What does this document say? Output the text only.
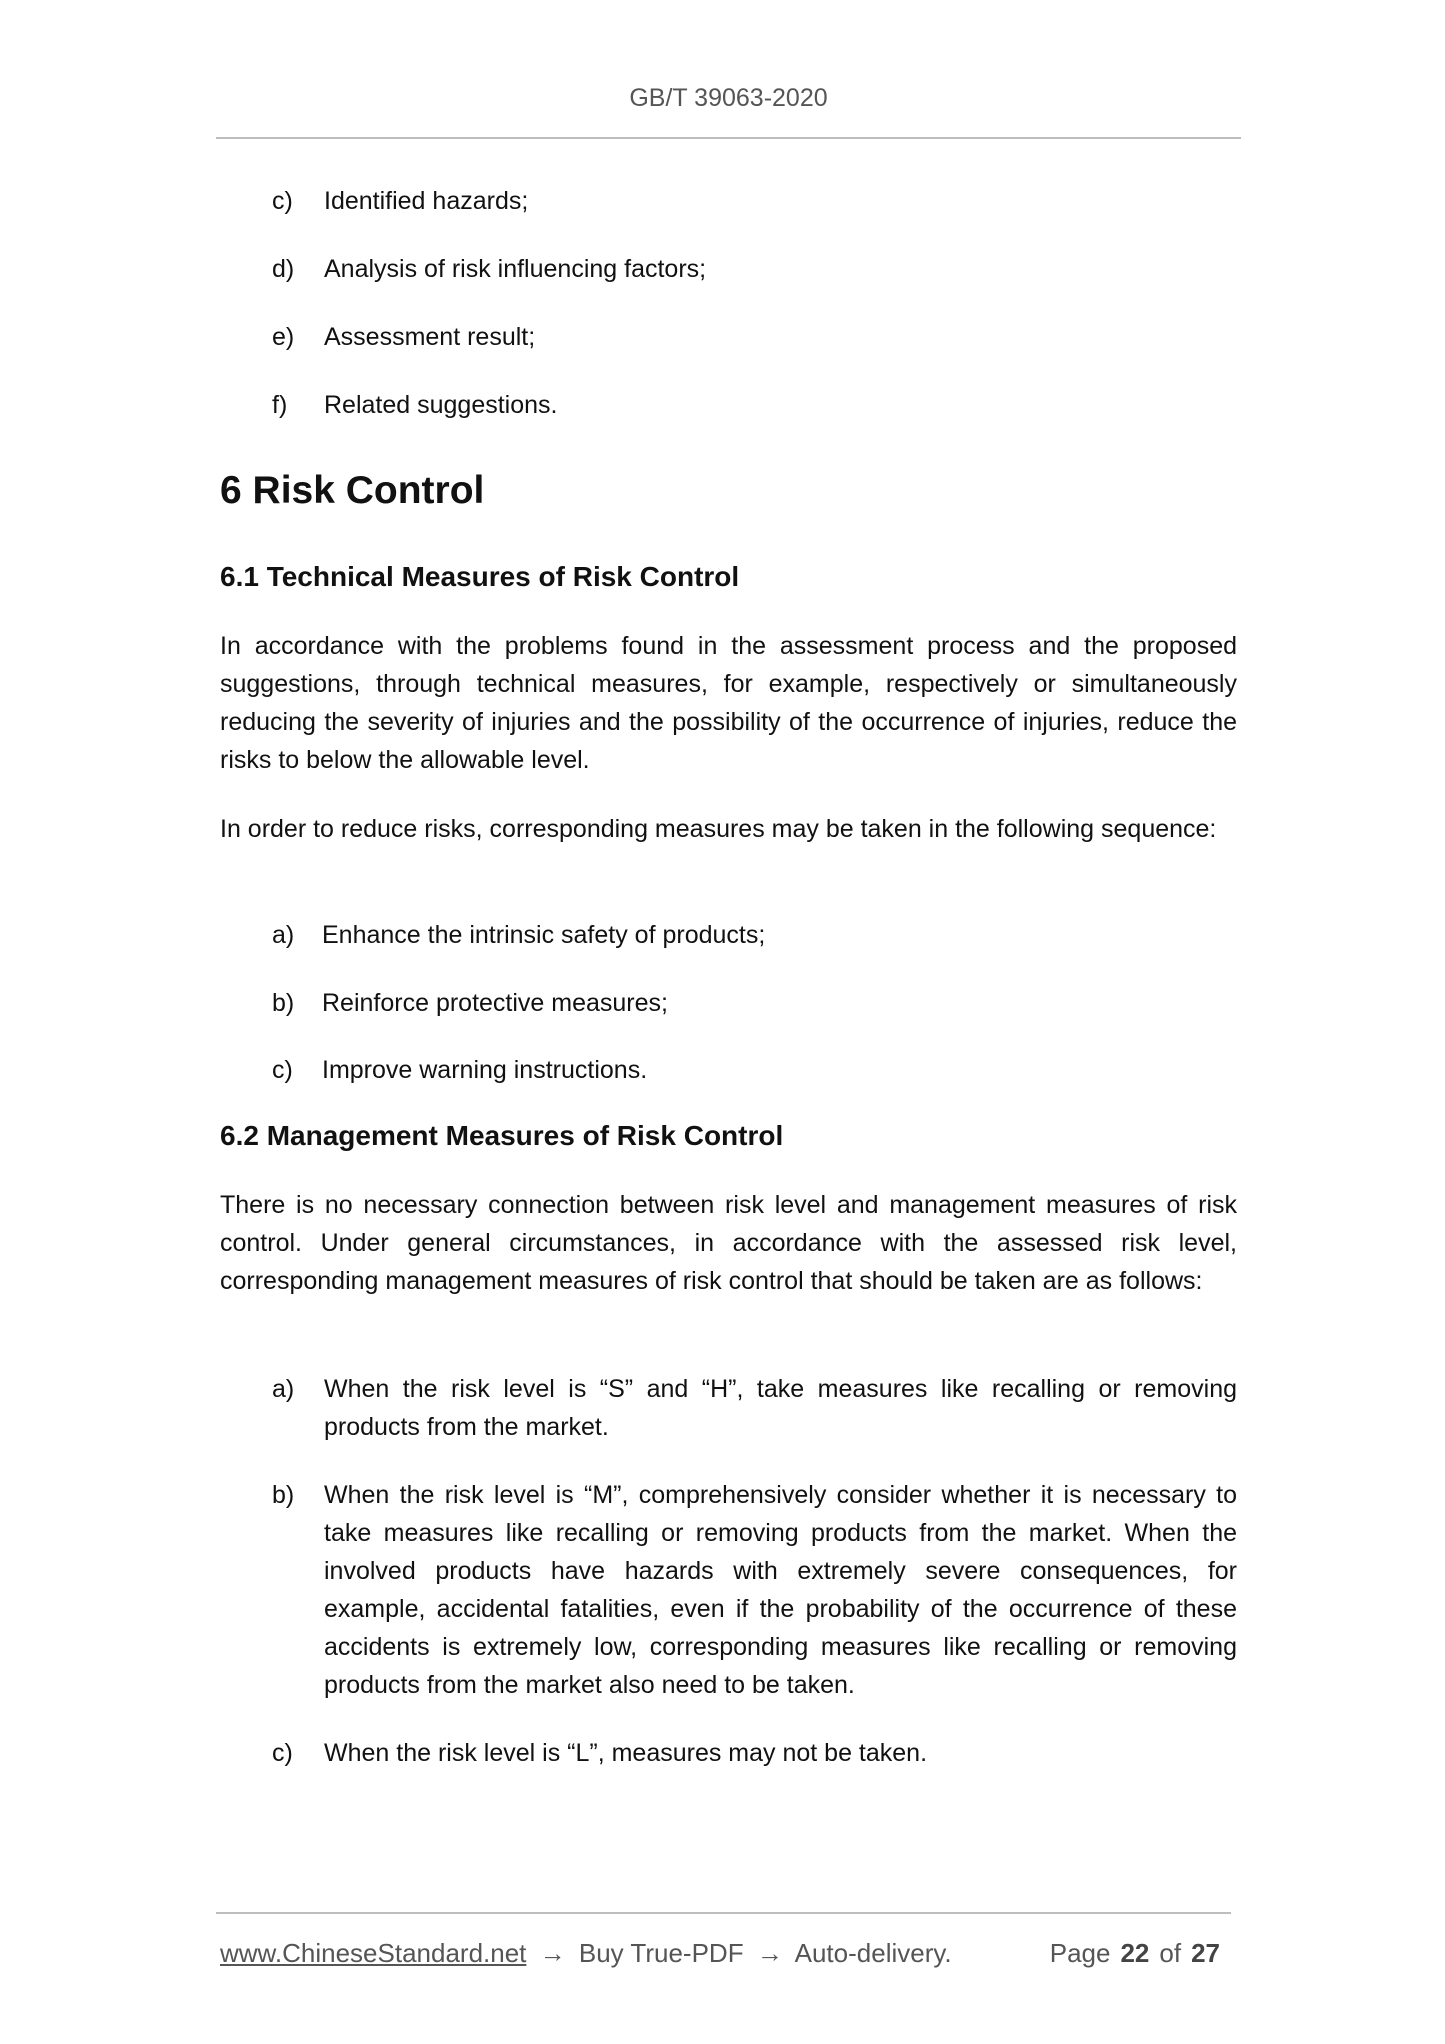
GB/T 39063-2020
c) Identified hazards;
d) Analysis of risk influencing factors;
e) Assessment result;
f) Related suggestions.
6 Risk Control
6.1 Technical Measures of Risk Control

In accordance with the problems found in the assessment process and the proposed suggestions, through technical measures, for example, respectively or simultaneously reducing the severity of injuries and the possibility of the occurrence of injuries, reduce the risks to below the allowable level.

In order to reduce risks, corresponding measures may be taken in the following sequence:

a) Enhance the intrinsic safety of products;
b) Reinforce protective measures;
c) Improve warning instructions.
6.2 Management Measures of Risk Control

There is no necessary connection between risk level and management measures of risk control. Under general circumstances, in accordance with the assessed risk level, corresponding management measures of risk control that should be taken are as follows:

a) When the risk level is “S” and “H”, take measures like recalling or removing products from the market.
b) When the risk level is “M”, comprehensively consider whether it is necessary to take measures like recalling or removing products from the market. When the involved products have hazards with extremely severe consequences, for example, accidental fatalities, even if the probability of the occurrence of these accidents is extremely low, corresponding measures like recalling or removing products from the market also need to be taken.
c) When the risk level is “L”, measures may not be taken.
www.ChineseStandard.net → Buy True-PDF → Auto-delivery.	Page 22 of 27
